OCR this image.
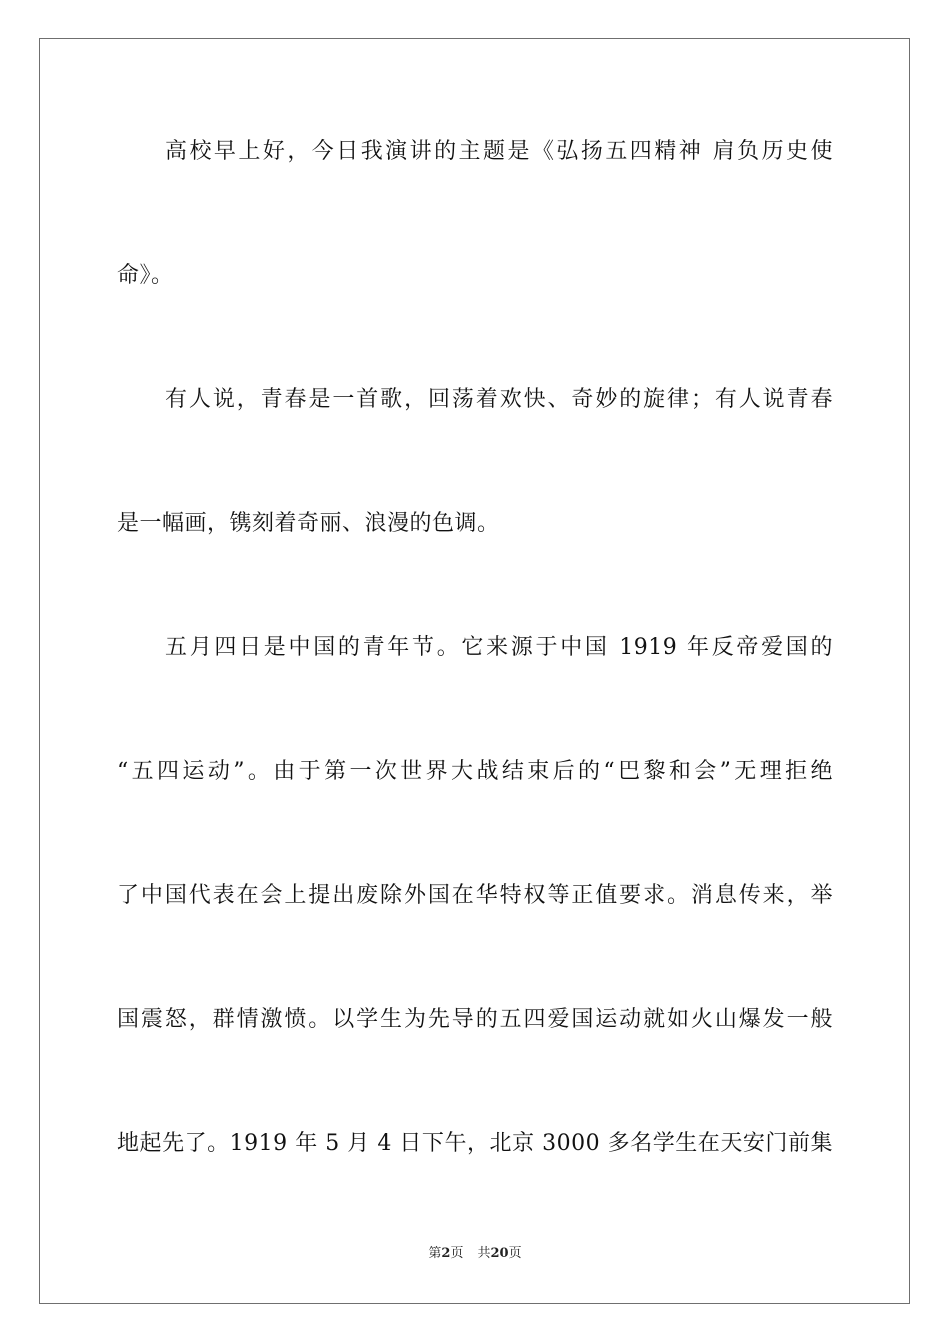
高校早上好，今日我演讲的主题是《弘扬五四精神 肩负历史使
命》。
有人说，青春是一首歌，回荡着欢快、奇妙的旋律；有人说青春
是一幅画，镌刻着奇丽、浪漫的色调。
五月四日是中国的青年节。它来源于中国 1919 年反帝爱国的
“五四运动”。由于第一次世界大战结束后的“巴黎和会”无理拒绝
了中国代表在会上提出废除外国在华特权等正值要求。消息传来，举
国震怒，群情激愤。以学生为先导的五四爱国运动就如火山爆发一般
地起先了。1919 年 5 月 4 日下午，北京 3000 多名学生在天安门前集
第2页 共20页
